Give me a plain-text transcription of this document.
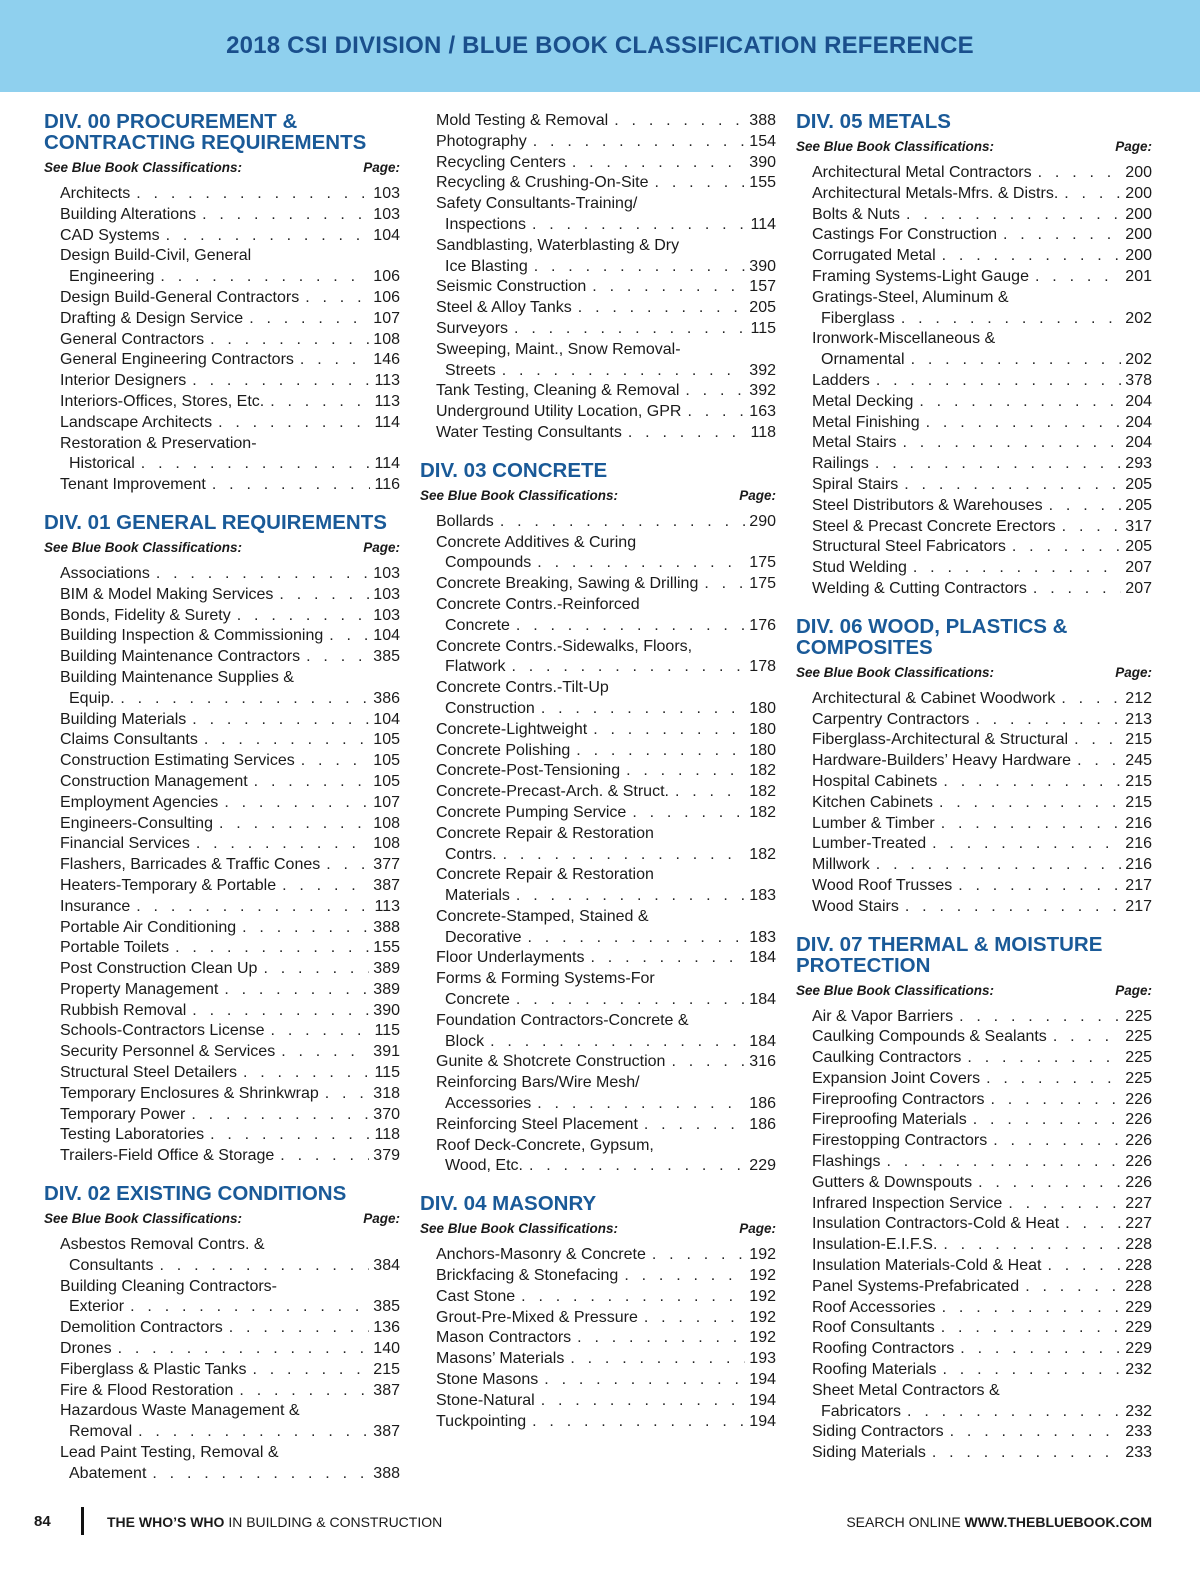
2018 CSI DIVISION / BLUE BOOK CLASSIFICATION REFERENCE
DIV. 00 PROCUREMENT &
CONTRACTING REQUIREMENTS
See Blue Book Classifications:	Page:
Architects . . .	103
Building Alterations . . .	103
CAD Systems . . .	104
Design Build-Civil, General
Engineering . . .	106
Design Build-General Contractors . . .	106
Drafting & Design Service . . .	107
General Contractors . . .	108
General Engineering Contractors . . .	146
Interior Designers . . .	113
Interiors-Offices, Stores, Etc. . . .	113
Landscape Architects . . .	114
Restoration & Preservation-
Historical . . .	114
Tenant Improvement . . .	116
DIV. 01 GENERAL REQUIREMENTS
See Blue Book Classifications:	Page:
Associations . . .	103
BIM & Model Making Services . . .	103
Bonds, Fidelity & Surety . . .	103
Building Inspection & Commissioning . . .	104
Building Maintenance Contractors . . .	385
Building Maintenance Supplies &
Equip. . . .	386
Building Materials . . .	104
Claims Consultants . . .	105
Construction Estimating Services . . .	105
Construction Management . . .	105
Employment Agencies . . .	107
Engineers-Consulting . . .	108
Financial Services . . .	108
Flashers, Barricades & Traffic Cones . . .	377
Heaters-Temporary & Portable . . .	387
Insurance . . .	113
Portable Air Conditioning . . .	388
Portable Toilets . . .	155
Post Construction Clean Up . . .	389
Property Management . . .	389
Rubbish Removal . . .	390
Schools-Contractors License . . .	115
Security Personnel & Services . . .	391
Structural Steel Detailers . . .	115
Temporary Enclosures & Shrinkwrap . . .	318
Temporary Power . . .	370
Testing Laboratories . . .	118
Trailers-Field Office & Storage . . .	379
DIV. 02 EXISTING CONDITIONS
See Blue Book Classifications:	Page:
Asbestos Removal Contrs. &
Consultants . . .	384
Building Cleaning Contractors-
Exterior . . .	385
Demolition Contractors . . .	136
Drones . . .	140
Fiberglass & Plastic Tanks . . .	215
Fire & Flood Restoration . . .	387
Hazardous Waste Management &
Removal . . .	387
Lead Paint Testing, Removal &
Abatement . . .	388
Mold Testing & Removal . . .	388
Photography . . .	154
Recycling Centers . . .	390
Recycling & Crushing-On-Site . . .	155
Safety Consultants-Training/
Inspections . . .	114
Sandblasting, Waterblasting & Dry
Ice Blasting . . .	390
Seismic Construction . . .	157
Steel & Alloy Tanks . . .	205
Surveyors . . .	115
Sweeping, Maint., Snow Removal-
Streets . . .	392
Tank Testing, Cleaning & Removal . . .	392
Underground Utility Location, GPR . . .	163
Water Testing Consultants . . .	118
DIV. 03 CONCRETE
See Blue Book Classifications:	Page:
Bollards . . .	290
Concrete Additives & Curing
Compounds . . .	175
Concrete Breaking, Sawing & Drilling . . .	175
Concrete Contrs.-Reinforced
Concrete . . .	176
Concrete Contrs.-Sidewalks, Floors,
Flatwork . . .	178
Concrete Contrs.-Tilt-Up
Construction . . .	180
Concrete-Lightweight . . .	180
Concrete Polishing . . .	180
Concrete-Post-Tensioning . . .	182
Concrete-Precast-Arch. & Struct. . . .	182
Concrete Pumping Service . . .	182
Concrete Repair & Restoration
Contrs. . . .	182
Concrete Repair & Restoration
Materials . . .	183
Concrete-Stamped, Stained &
Decorative . . .	183
Floor Underlayments . . .	184
Forms & Forming Systems-For
Concrete . . .	184
Foundation Contractors-Concrete &
Block . . .	184
Gunite & Shotcrete Construction . . .	316
Reinforcing Bars/Wire Mesh/
Accessories . . .	186
Reinforcing Steel Placement . . .	186
Roof Deck-Concrete, Gypsum,
Wood, Etc. . . .	229
DIV. 04 MASONRY
See Blue Book Classifications:	Page:
Anchors-Masonry & Concrete . . .	192
Brickfacing & Stonefacing . . .	192
Cast Stone . . .	192
Grout-Pre-Mixed & Pressure . . .	192
Mason Contractors . . .	192
Masons’ Materials . . .	193
Stone Masons . . .	194
Stone-Natural . . .	194
Tuckpointing . . .	194
DIV. 05 METALS
See Blue Book Classifications:	Page:
Architectural Metal Contractors . . .	200
Architectural Metals-Mfrs. & Distrs. . . .	200
Bolts & Nuts . . .	200
Castings For Construction . . .	200
Corrugated Metal . . .	200
Framing Systems-Light Gauge . . .	201
Gratings-Steel, Aluminum &
Fiberglass . . .	202
Ironwork-Miscellaneous &
Ornamental . . .	202
Ladders . . .	378
Metal Decking . . .	204
Metal Finishing . . .	204
Metal Stairs . . .	204
Railings . . .	293
Spiral Stairs . . .	205
Steel Distributors & Warehouses . . .	205
Steel & Precast Concrete Erectors . . .	317
Structural Steel Fabricators . . .	205
Stud Welding . . .	207
Welding & Cutting Contractors . . .	207
DIV. 06 WOOD, PLASTICS &
COMPOSITES
See Blue Book Classifications:	Page:
Architectural & Cabinet Woodwork . . .	212
Carpentry Contractors . . .	213
Fiberglass-Architectural & Structural . . .	215
Hardware-Builders’ Heavy Hardware . . .	245
Hospital Cabinets . . .	215
Kitchen Cabinets . . .	215
Lumber & Timber . . .	216
Lumber-Treated . . .	216
Millwork . . .	216
Wood Roof Trusses . . .	217
Wood Stairs . . .	217
DIV. 07 THERMAL & MOISTURE
PROTECTION
See Blue Book Classifications:	Page:
Air & Vapor Barriers . . .	225
Caulking Compounds & Sealants . . .	225
Caulking Contractors . . .	225
Expansion Joint Covers . . .	225
Fireproofing Contractors . . .	226
Fireproofing Materials . . .	226
Firestopping Contractors . . .	226
Flashings . . .	226
Gutters & Downspouts . . .	226
Infrared Inspection Service . . .	227
Insulation Contractors-Cold & Heat . . .	227
Insulation-E.I.F.S. . . .	228
Insulation Materials-Cold & Heat . . .	228
Panel Systems-Prefabricated . . .	228
Roof Accessories . . .	229
Roof Consultants . . .	229
Roofing Contractors . . .	229
Roofing Materials . . .	232
Sheet Metal Contractors &
Fabricators . . .	232
Siding Contractors . . .	233
Siding Materials . . .	233
84	THE WHO’S WHO IN BUILDING & CONSTRUCTION	SEARCH ONLINE WWW.THEBLUEBOOK.COM
